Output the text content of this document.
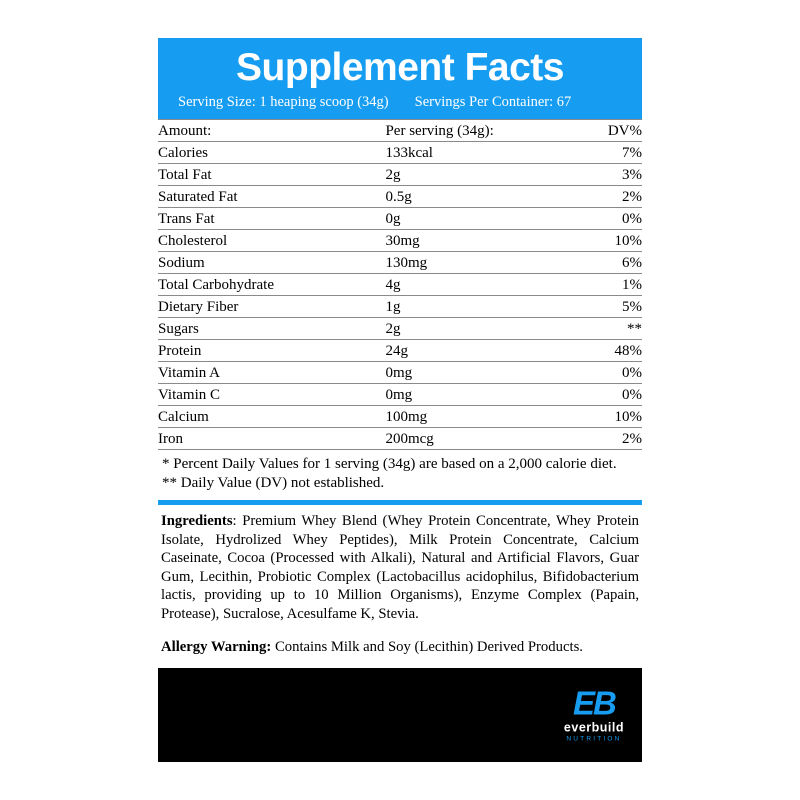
Supplement Facts
Serving Size: 1 heaping scoop (34g) Servings Per Container: 67
Amount:	Per serving (34g):	DV%
Calories	133kcal	7%
Total Fat	2g	3%
Saturated Fat	0.5g	2%
Trans Fat	0g	0%
Cholesterol	30mg	10%
Sodium	130mg	6%
Total Carbohydrate	4g	1%
Dietary Fiber	1g	5%
Sugars	2g	**
Protein	24g	48%
Vitamin A	0mg	0%
Vitamin C	0mg	0%
Calcium	100mg	10%
Iron	200mcg	2%
* Percent Daily Values for 1 serving (34g) are based on a 2,000 calorie diet.
** Daily Value (DV) not established.
Ingredients: Premium Whey Blend (Whey Protein Concentrate, Whey Protein Isolate, Hydrolized Whey Peptides), Milk Protein Concentrate, Calcium Caseinate, Cocoa (Processed with Alkali), Natural and Artificial Flavors, Guar Gum, Lecithin, Probiotic Complex (Lactobacillus acidophilus, Bifidobacterium lactis, providing up to 10 Million Organisms), Enzyme Complex (Papain, Protease), Sucralose, Acesulfame K, Stevia.
Allergy Warning: Contains Milk and Soy (Lecithin) Derived Products.
EB
everbuild
NUTRITION
